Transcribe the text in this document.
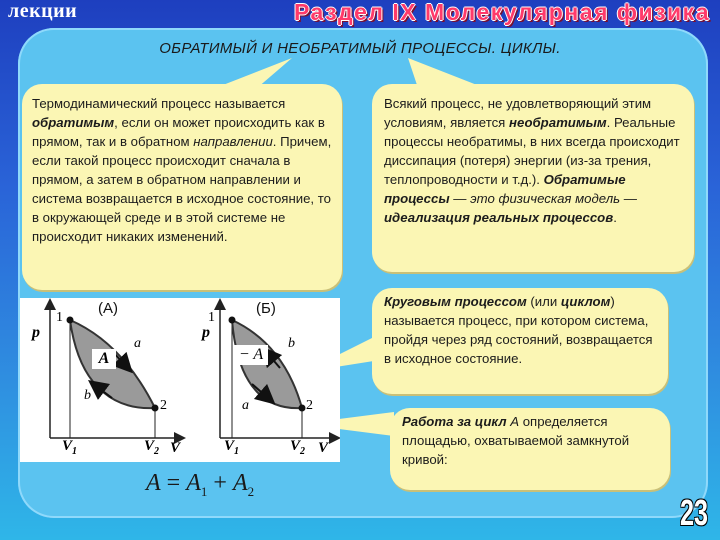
лекции	Раздел IX Молекулярная физика
ОБРАТИМЫЙ И НЕОБРАТИМЫЙ ПРОЦЕССЫ. ЦИКЛЫ.
Термодинамический процесс называется обратимым, если он может происходить как в прямом, так и в обратном направлении. Причем, если такой процесс происходит сначала в прямом, а затем в обратном направлении и система возвращается в исходное состояние, то в окружающей среде и в этой системе не происходит никаких изменений.
Всякий процесс, не удовлетворяющий этим условиям, является необратимым. Реальные процессы необратимы, в них всегда происходит диссипация (потеря) энергии (из-за трения, теплопроводности и т.д.). Обратимые процессы — это физическая модель —идеализация реальных процессов.
Круговым процессом (или циклом) называется процесс, при котором система, пройдя через ряд состояний, возвращается в исходное состояние.
Работа за цикл А определяется площадью, охватываемой замкнутой кривой:
(А)
p
1
2
a
b
A
$V_1$	$V_2$ V
(Б)
p
1
2
b
a
− A
$V_1$	$V_2$ V
$A = A_1 + A_2$
23
